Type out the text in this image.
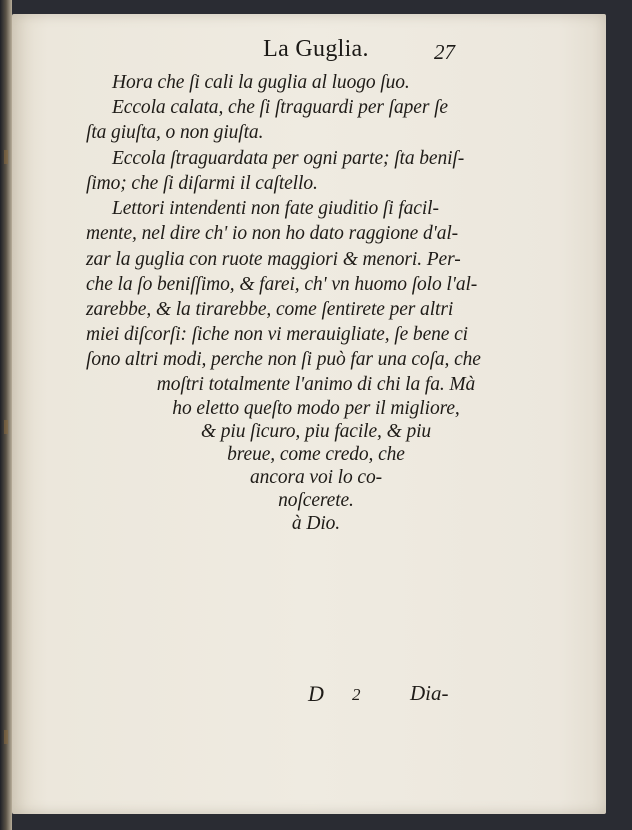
La Guglia.	27
Hora che ſi cali la guglia al luogo ſuo.
Eccola calata, che ſi ſtraguardi per ſaper ſe
ſta giuſta, o non giuſta.
Eccola ſtraguardata per ogni parte; ſta beniſ-
ſimo; che ſi diſarmi il caſtello.
Lettori intendenti non fate giuditio ſi facil-
mente, nel dire ch' io non ho dato raggione d'al-
zar la guglia con ruote maggiori & menori. Per-
che la ſo beniſſimo, & farei, ch' vn huomo ſolo l'al-
zarebbe, & la tirarebbe, come ſentirete per altri
miei diſcorſi: ſiche non vi merauigliate, ſe bene ci
ſono altri modi, perche non ſi può far una coſa, che
moſtri totalmente l'animo di chi la fa. Mà
ho eletto queſto modo per il migliore,
& piu ſicuro, piu facile, & piu
breue, come credo, che
ancora voi lo co-
noſcerete.
à Dio.
D 2 Dia-
